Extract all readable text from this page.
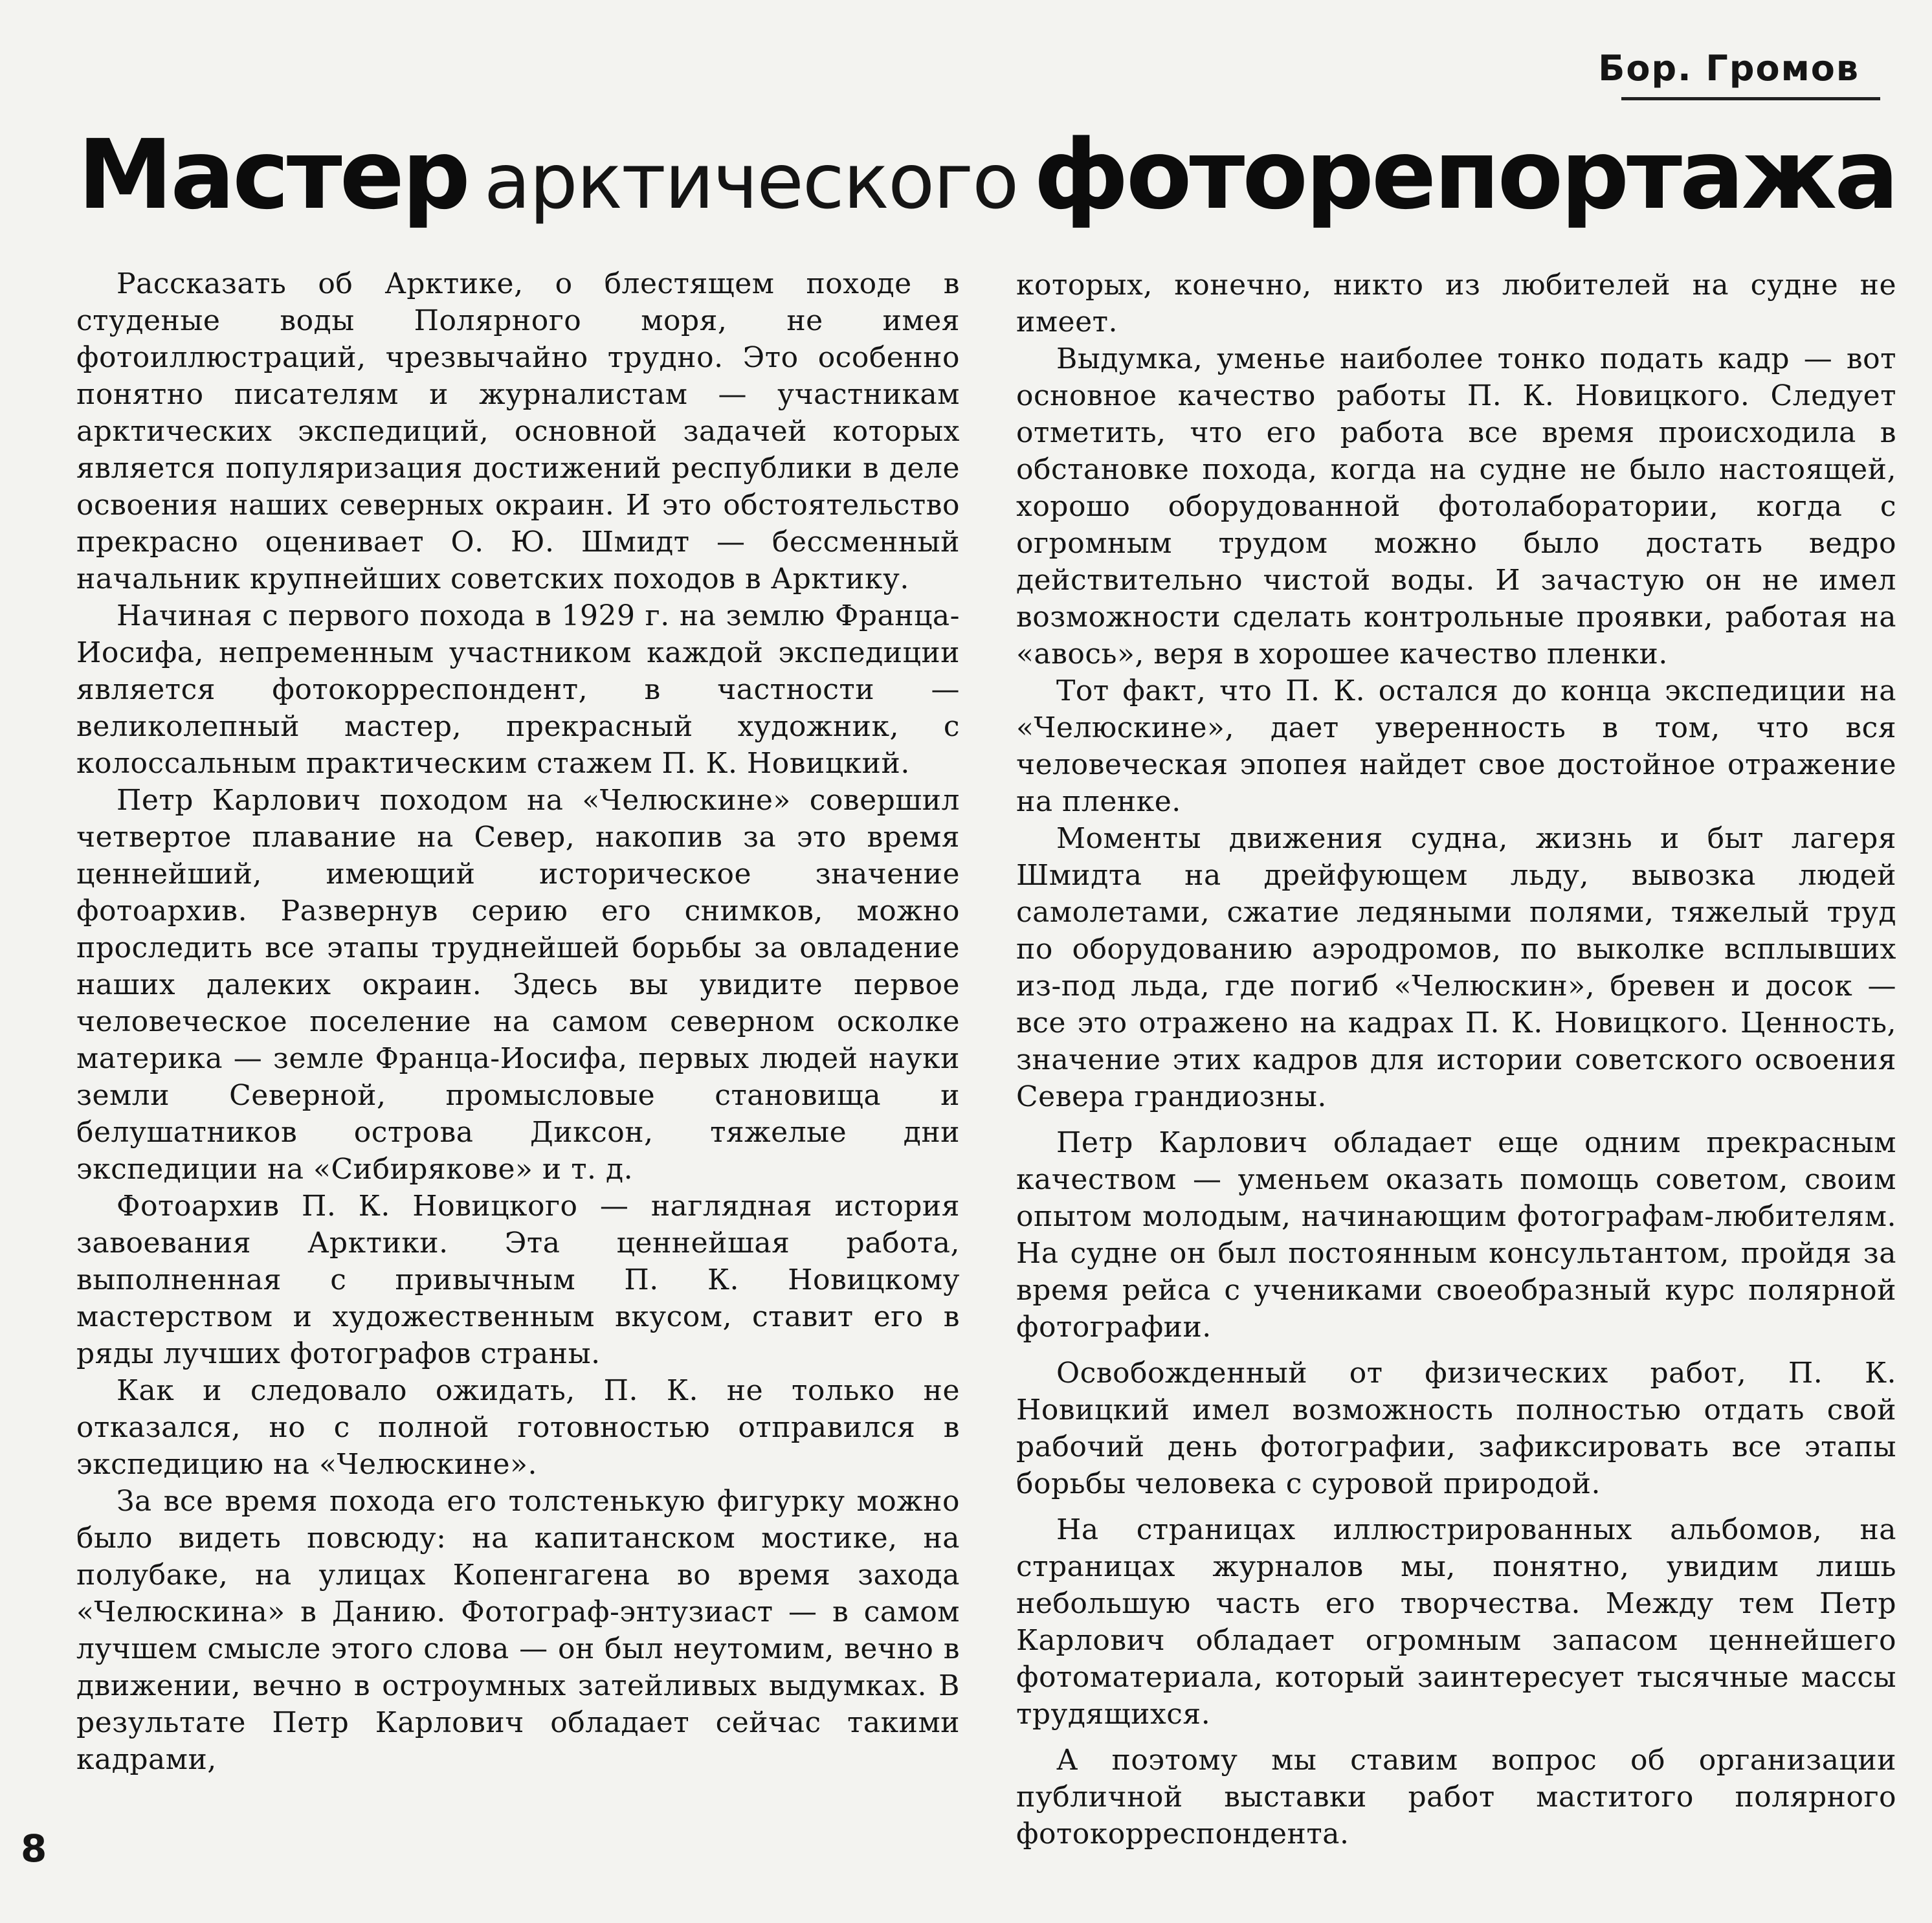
Бор. Громов
Мастер арктического фоторепортажа

Рассказать об Арктике, о блестящем походе в студеные воды Полярного моря, не имея фотоиллюстраций, чрезвычайно трудно. Это особенно понятно писателям и журналистам — участникам арктических экспедиций, основной задачей которых является популяризация достижений республики в деле освоения наших северных окраин. И это обстоятельство прекрасно оценивает О. Ю. Шмидт — бессменный начальник крупнейших советских походов в Арктику.

Начиная с первого похода в 1929 г. на землю Франца-Иосифа, непременным участником каждой экспедиции является фотокорреспондент, в частности — великолепный мастер, прекрасный художник, с колоссальным практическим стажем П. К. Новицкий.

Петр Карлович походом на «Челюскине» совершил четвертое плавание на Север, накопив за это время ценнейший, имеющий историческое значение фотоархив. Развернув серию его снимков, можно проследить все этапы труднейшей борьбы за овладение наших далеких окраин. Здесь вы увидите первое человеческое поселение на самом северном осколке материка — земле Франца-Иосифа, первых людей науки земли Северной, промысловые становища и белушатников острова Диксон, тяжелые дни экспедиции на «Сибирякове» и т. д.

Фотоархив П. К. Новицкого — наглядная история завоевания Арктики. Эта ценнейшая работа, выполненная с привычным П. К. Новицкому мастерством и художественным вкусом, ставит его в ряды лучших фотографов страны.

Как и следовало ожидать, П. К. не только не отказался, но с полной готовностью отправился в экспедицию на «Челюскине».

За все время похода его толстенькую фигурку можно было видеть повсюду: на капитанском мостике, на полубаке, на улицах Копенгагена во время захода «Челюскина» в Данию. Фотограф-энтузиаст — в самом лучшем смысле этого слова — он был неутомим, вечно в движении, вечно в остроумных затейливых выдумках. В результате Петр Карлович обладает сейчас такими кадрами,

которых, конечно, никто из любителей на судне не имеет.

Выдумка, уменье наиболее тонко подать кадр — вот основное качество работы П. К. Новицкого. Следует отметить, что его работа все время происходила в обстановке похода, когда на судне не было настоящей, хорошо оборудованной фотолаборатории, когда с огромным трудом можно было достать ведро действительно чистой воды. И зачастую он не имел возможности сделать контрольные проявки, работая на «авось», веря в хорошее качество пленки.

Тот факт, что П. К. остался до конца экспедиции на «Челюскине», дает уверенность в том, что вся человеческая эпопея найдет свое достойное отражение на пленке.

Моменты движения судна, жизнь и быт лагеря Шмидта на дрейфующем льду, вывозка людей самолетами, сжатие ледяными полями, тяжелый труд по оборудованию аэродромов, по выколке всплывших из-под льда, где погиб «Челюскин», бревен и досок — все это отражено на кадрах П. К. Новицкого. Ценность, значение этих кадров для истории советского освоения Севера грандиозны.

Петр Карлович обладает еще одним прекрасным качеством — уменьем оказать помощь советом, своим опытом молодым, начинающим фотографам-любителям. На судне он был постоянным консультантом, пройдя за время рейса с учениками своеобразный курс полярной фотографии.

Освобожденный от физических работ, П. К. Новицкий имел возможность полностью отдать свой рабочий день фотографии, зафиксировать все этапы борьбы человека с суровой природой.

На страницах иллюстрированных альбомов, на страницах журналов мы, понятно, увидим лишь небольшую часть его творчества. Между тем Петр Карлович обладает огромным запасом ценнейшего фотоматериала, который заинтересует тысячные массы трудящихся.

А поэтому мы ставим вопрос об организации публичной выставки работ маститого полярного фотокорреспондента.

8
